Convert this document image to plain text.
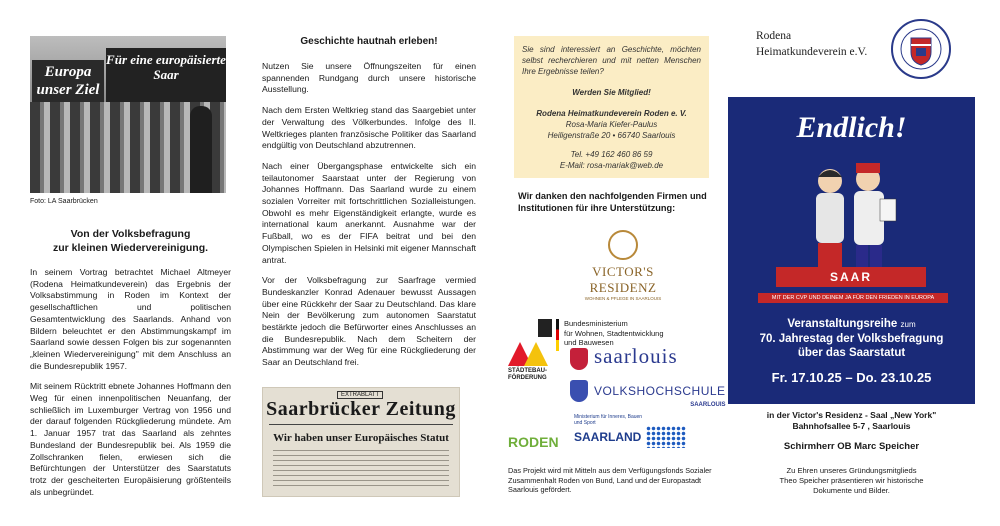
Europa unser Ziel
Für eine europäisierte Saar
Foto: LA Saarbrücken
Von der Volksbefragung
zur kleinen Wiedervereinigung.

In seinem Vortrag betrachtet Michael Altmeyer (Rodena Heimatkundeverein) das Ergebnis der Volksabstimmung in Roden im Kontext der gesellschaftlichen und politischen Gesamtentwicklung des Saarlands. Anhand von Bildern beleuchtet er den Abstimmungskampf im Saarland sowie dessen Folgen bis zur sogenannten „kleinen Wiedervereinigung" mit dem Anschluss an die Bundesrepublik 1957.

Mit seinem Rücktritt ebnete Johannes Hoffmann den Weg für einen innenpolitischen Neuanfang, der schließlich im Luxemburger Vertrag von 1956 und der darauf folgenden Rückgliederung mündete. Am 1. Januar 1957 trat das Saarland als zehntes Bundesland der Bundesrepublik bei. Als 1959 die Zollschranken fielen, erwiesen sich die Befürchtungen der Unterstützer des Saarstatuts trotz der gescheiterten Europäisierung größtenteils als unbegründet.

Geschichte hautnah erleben!

Nutzen Sie unsere Öffnungszeiten für einen spannenden Rundgang durch unsere historische Ausstellung.

Nach dem Ersten Weltkrieg stand das Saargebiet unter der Verwaltung des Völkerbundes. Infolge des II. Weltkrieges planten französische Politiker das Saarland endgültig von Deutschland abzutrennen.

Nach einer Übergangsphase entwickelte sich ein teilautonomer Saarstaat unter der Regierung von Johannes Hoffmann. Das Saarland wurde zu einem sozialen Vorreiter mit fortschrittlichen Sozialleistungen. Obwohl es mehr Eigenständigkeit erlangte, wurde es international kaum anerkannt. Ausnahme war der Fußball, wo es der FIFA beitrat und bei den Olympischen Spielen in Helsinki mit eigener Mannschaft antrat.

Vor der Volksbefragung zur Saarfrage vermied Bundeskanzler Konrad Adenauer bewusst Aussagen über eine Rückkehr der Saar zu Deutschland. Das klare Nein der Bevölkerung zum autonomen Saarstatut bestärkte jedoch die Befürworter eines Anschlusses an die Bundesrepublik. Nach dem Scheitern der Abstimmung war der Weg für eine Rückgliederung der Saar an Deutschland frei.

EXTRABLATT
Saarbrücker Zeitung
Wir haben unser Europäisches Statut
Sie sind interessiert an Geschichte, möchten selbst recherchieren und mit netten Menschen Ihre Ergebnisse teilen?
Werden Sie Mitglied!
Rodena Heimatkundeverein Roden e. V.
Rosa-Maria Kiefer-Paulus
Heiligenstraße 20 • 66740 Saarlouis
Tel. +49 162 460 86 59
E-Mail: rosa-mariak@web.de
Wir danken den nachfolgenden Firmen und Institutionen für ihre Unterstützung:
VICTOR'S RESIDENZ
WOHNEN & PFLEGE IN SAARLOUIS
Bundesministerium
für Wohnen, Stadtentwicklung
und Bauwesen
STÄDTEBAU-
FÖRDERUNG
saarlouis
VOLKSHOCHSCHULE
SAARLOUIS
RODEN
Ministerium für Inneres, Bauen und Sport
SAARLAND
Das Projekt wird mit Mitteln aus dem Verfügungsfonds Sozialer Zusammenhalt Roden von Bund, Land und der Europastadt Saarlouis gefördert.
Rodena
Heimatkundeverein e.V.
Endlich!
SAAR
MIT DER CVP UND DEINEM JA FÜR DEN FRIEDEN IN EUROPA
Veranstaltungsreihe zum
70. Jahrestag der Volksbefragung
über das Saarstatut
Fr. 17.10.25 – Do. 23.10.25
in der Victor's Residenz - Saal „New York"
Bahnhofsallee 5-7 , Saarlouis
Schirmherr OB Marc Speicher
Zu Ehren unseres Gründungsmitglieds
Theo Speicher präsentieren wir historische
Dokumente und Bilder.
